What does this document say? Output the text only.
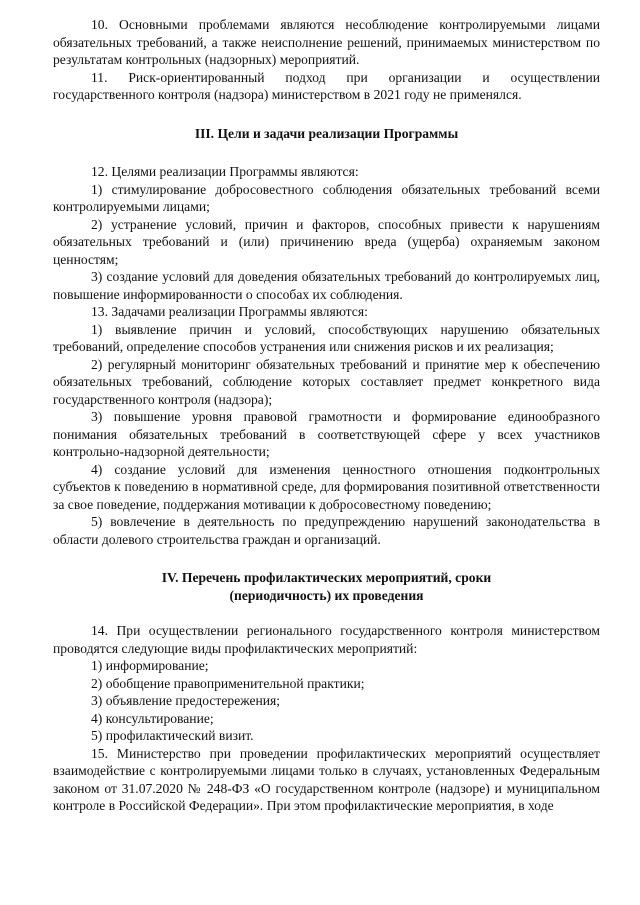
10. Основными проблемами являются несоблюдение контролируемыми лицами обязательных требований, а также неисполнение решений, принимаемых министерством по результатам контрольных (надзорных) мероприятий.

11. Риск-ориентированный подход при организации и осуществлении государственного контроля (надзора) министерством в 2021 году не применялся.

III. Цели и задачи реализации Программы

12. Целями реализации Программы являются:

1) стимулирование добросовестного соблюдения обязательных требований всеми контролируемыми лицами;

2) устранение условий, причин и факторов, способных привести к нарушениям обязательных требований и (или) причинению вреда (ущерба) охраняемым законом ценностям;

3) создание условий для доведения обязательных требований до контролируемых лиц, повышение информированности о способах их соблюдения.

13. Задачами реализации Программы являются:

1) выявление причин и условий, способствующих нарушению обязательных требований, определение способов устранения или снижения рисков и их реализация;

2) регулярный мониторинг обязательных требований и принятие мер к обеспечению обязательных требований, соблюдение которых составляет предмет конкретного вида государственного контроля (надзора);

3) повышение уровня правовой грамотности и формирование единообразного понимания обязательных требований в соответствующей сфере у всех участников контрольно-надзорной деятельности;

4) создание условий для изменения ценностного отношения подконтрольных субъектов к поведению в нормативной среде, для формирования позитивной ответственности за свое поведение, поддержания мотивации к добросовестному поведению;

5) вовлечение в деятельность по предупреждению нарушений законодательства в области долевого строительства граждан и организаций.

IV. Перечень профилактических мероприятий, сроки

(периодичность) их проведения

14. При осуществлении регионального государственного контроля министерством проводятся следующие виды профилактических мероприятий:

1) информирование;

2) обобщение правоприменительной практики;

3) объявление предостережения;

4) консультирование;

5) профилактический визит.

15. Министерство при проведении профилактических мероприятий осуществляет взаимодействие с контролируемыми лицами только в случаях, установленных Федеральным законом от 31.07.2020 № 248-ФЗ «О государственном контроле (надзоре) и муниципальном контроле в Российской Федерации». При этом профилактические мероприятия, в ходе
